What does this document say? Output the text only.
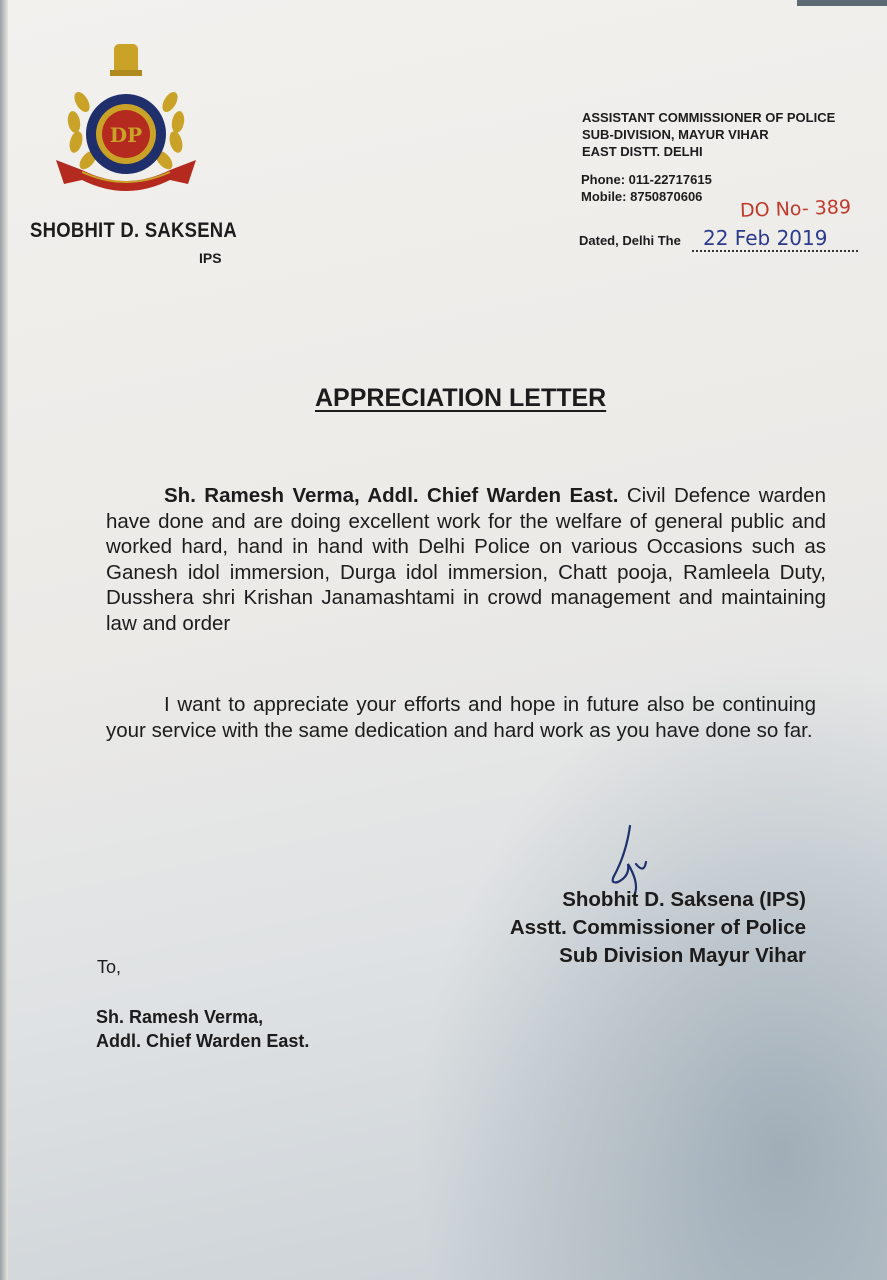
DP
SHOBHIT D. SAKSENA
IPS
ASSISTANT COMMISSIONER OF POLICE
SUB-DIVISION, MAYUR VIHAR
EAST DISTT. DELHI
Phone: 011-22717615
Mobile: 8750870606	DO No- 389
Dated, Delhi The 22 Feb 2019
APPRECIATION LETTER
Sh. Ramesh Verma, Addl. Chief Warden East. Civil Defence warden have done and are doing excellent work for the welfare of general public and worked hard, hand in hand with Delhi Police on various Occasions such as Ganesh idol immersion, Durga idol immersion, Chatt pooja, Ramleela Duty, Dusshera shri Krishan Janamashtami in crowd management and maintaining law and order
I want to appreciate your efforts and hope in future also be continuing your service with the same dedication and hard work as you have done so far.
Shobhit D. Saksena (IPS)
Asstt. Commissioner of Police
Sub Division Mayur Vihar
To,
Sh. Ramesh Verma,
Addl. Chief Warden East.
